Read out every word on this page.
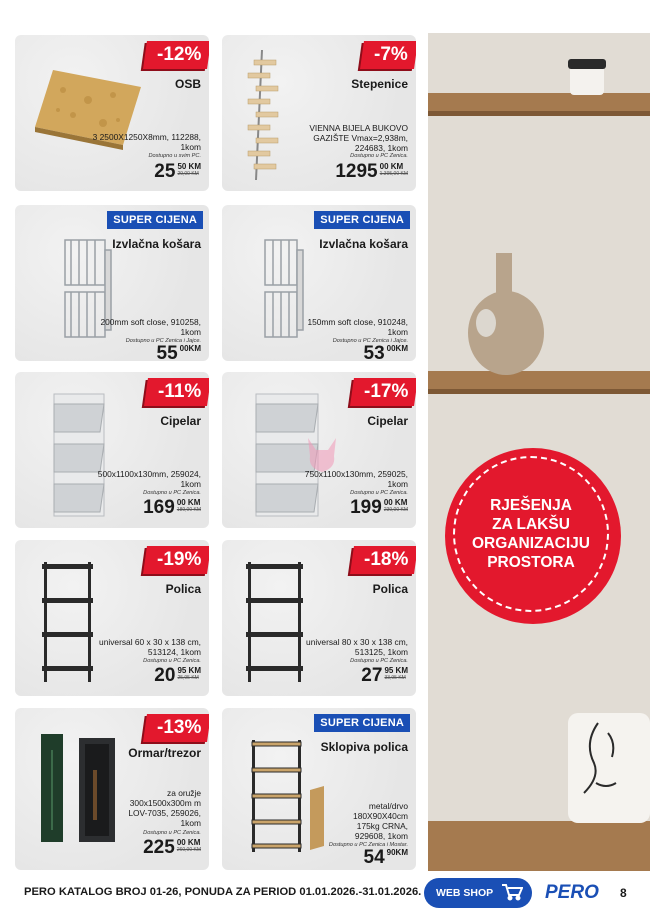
-12%
OSB
3 2500X1250X8mm, 112288, 1kom
Dostupno u svim PC.
25 50 KM
29,00 KM
-7%
Stepenice
VIENNA BIJELA BUKOVO GAZIŠTE Vmax=2,938m, 224683, 1kom
Dostupno u PC Zenica.
1295 00 KM
1.395,00 KM
SUPER CIJENA
Izvlačna košara
200mm soft close, 910258, 1kom
Dostupno u PC Zenica i Jajce.
55 00KM
SUPER CIJENA
Izvlačna košara
150mm soft close, 910248, 1kom
Dostupno u PC Zenica i Jajce.
53 00KM
-11%
Cipelar
500x1100x130mm, 259024, 1kom
Dostupno u PC Zenica.
169 00 KM
189,00 KM
-17%
Cipelar
750x1100x130mm, 259025, 1kom
Dostupno u PC Zenica.
199 00 KM
239,00 KM
-19%
Polica
universal 60 x 30 x 138 cm, 513124, 1kom
Dostupno u PC Zenica.
20 95 KM
25,95 KM
-18%
Polica
universal 80 x 30 x 138 cm, 513125, 1kom
Dostupno u PC Zenica.
27 95 KM
33,95 KM
-13%
Ormar/trezor
za oružje 300x1500x300m m LOV-7035, 259026, 1kom
Dostupno u PC Zenica.
225 00 KM
260,00 KM
SUPER CIJENA
Sklopiva polica
metal/drvo 180X90X40cm 175kg CRNA, 929608, 1kom
Dostupno u PC Zenica i Mostar.
54 90KM
RJEŠENJA
ZA LAKŠU
ORGANIZACIJU
PROSTORA
PERO KATALOG BROJ 01-26, PONUDA ZA PERIOD 01.01.2026.-31.01.2026. WEB SHOP	PERO 8
